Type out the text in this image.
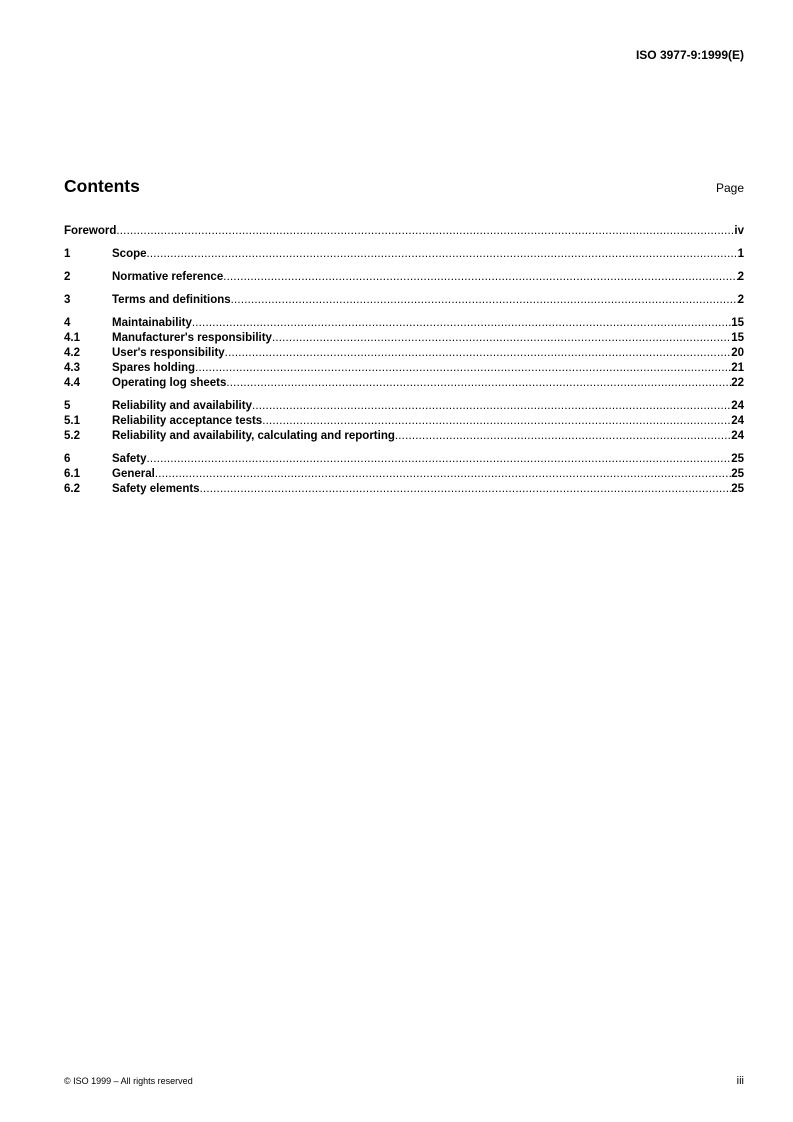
ISO 3977-9:1999(E)
Contents	Page
Foreword .....	iv
1	Scope .....	1
2	Normative reference .....	2
3	Terms and definitions .....	2
4	Maintainability .....	15
4.1	Manufacturer's responsibility .....	15
4.2	User's responsibility .....	20
4.3	Spares holding .....	21
4.4	Operating log sheets .....	22
5	Reliability and availability .....	24
5.1	Reliability acceptance tests .....	24
5.2	Reliability and availability, calculating and reporting .....	24
6	Safety .....	25
6.1	General .....	25
6.2	Safety elements .....	25
© ISO 1999 – All rights reserved	iii
